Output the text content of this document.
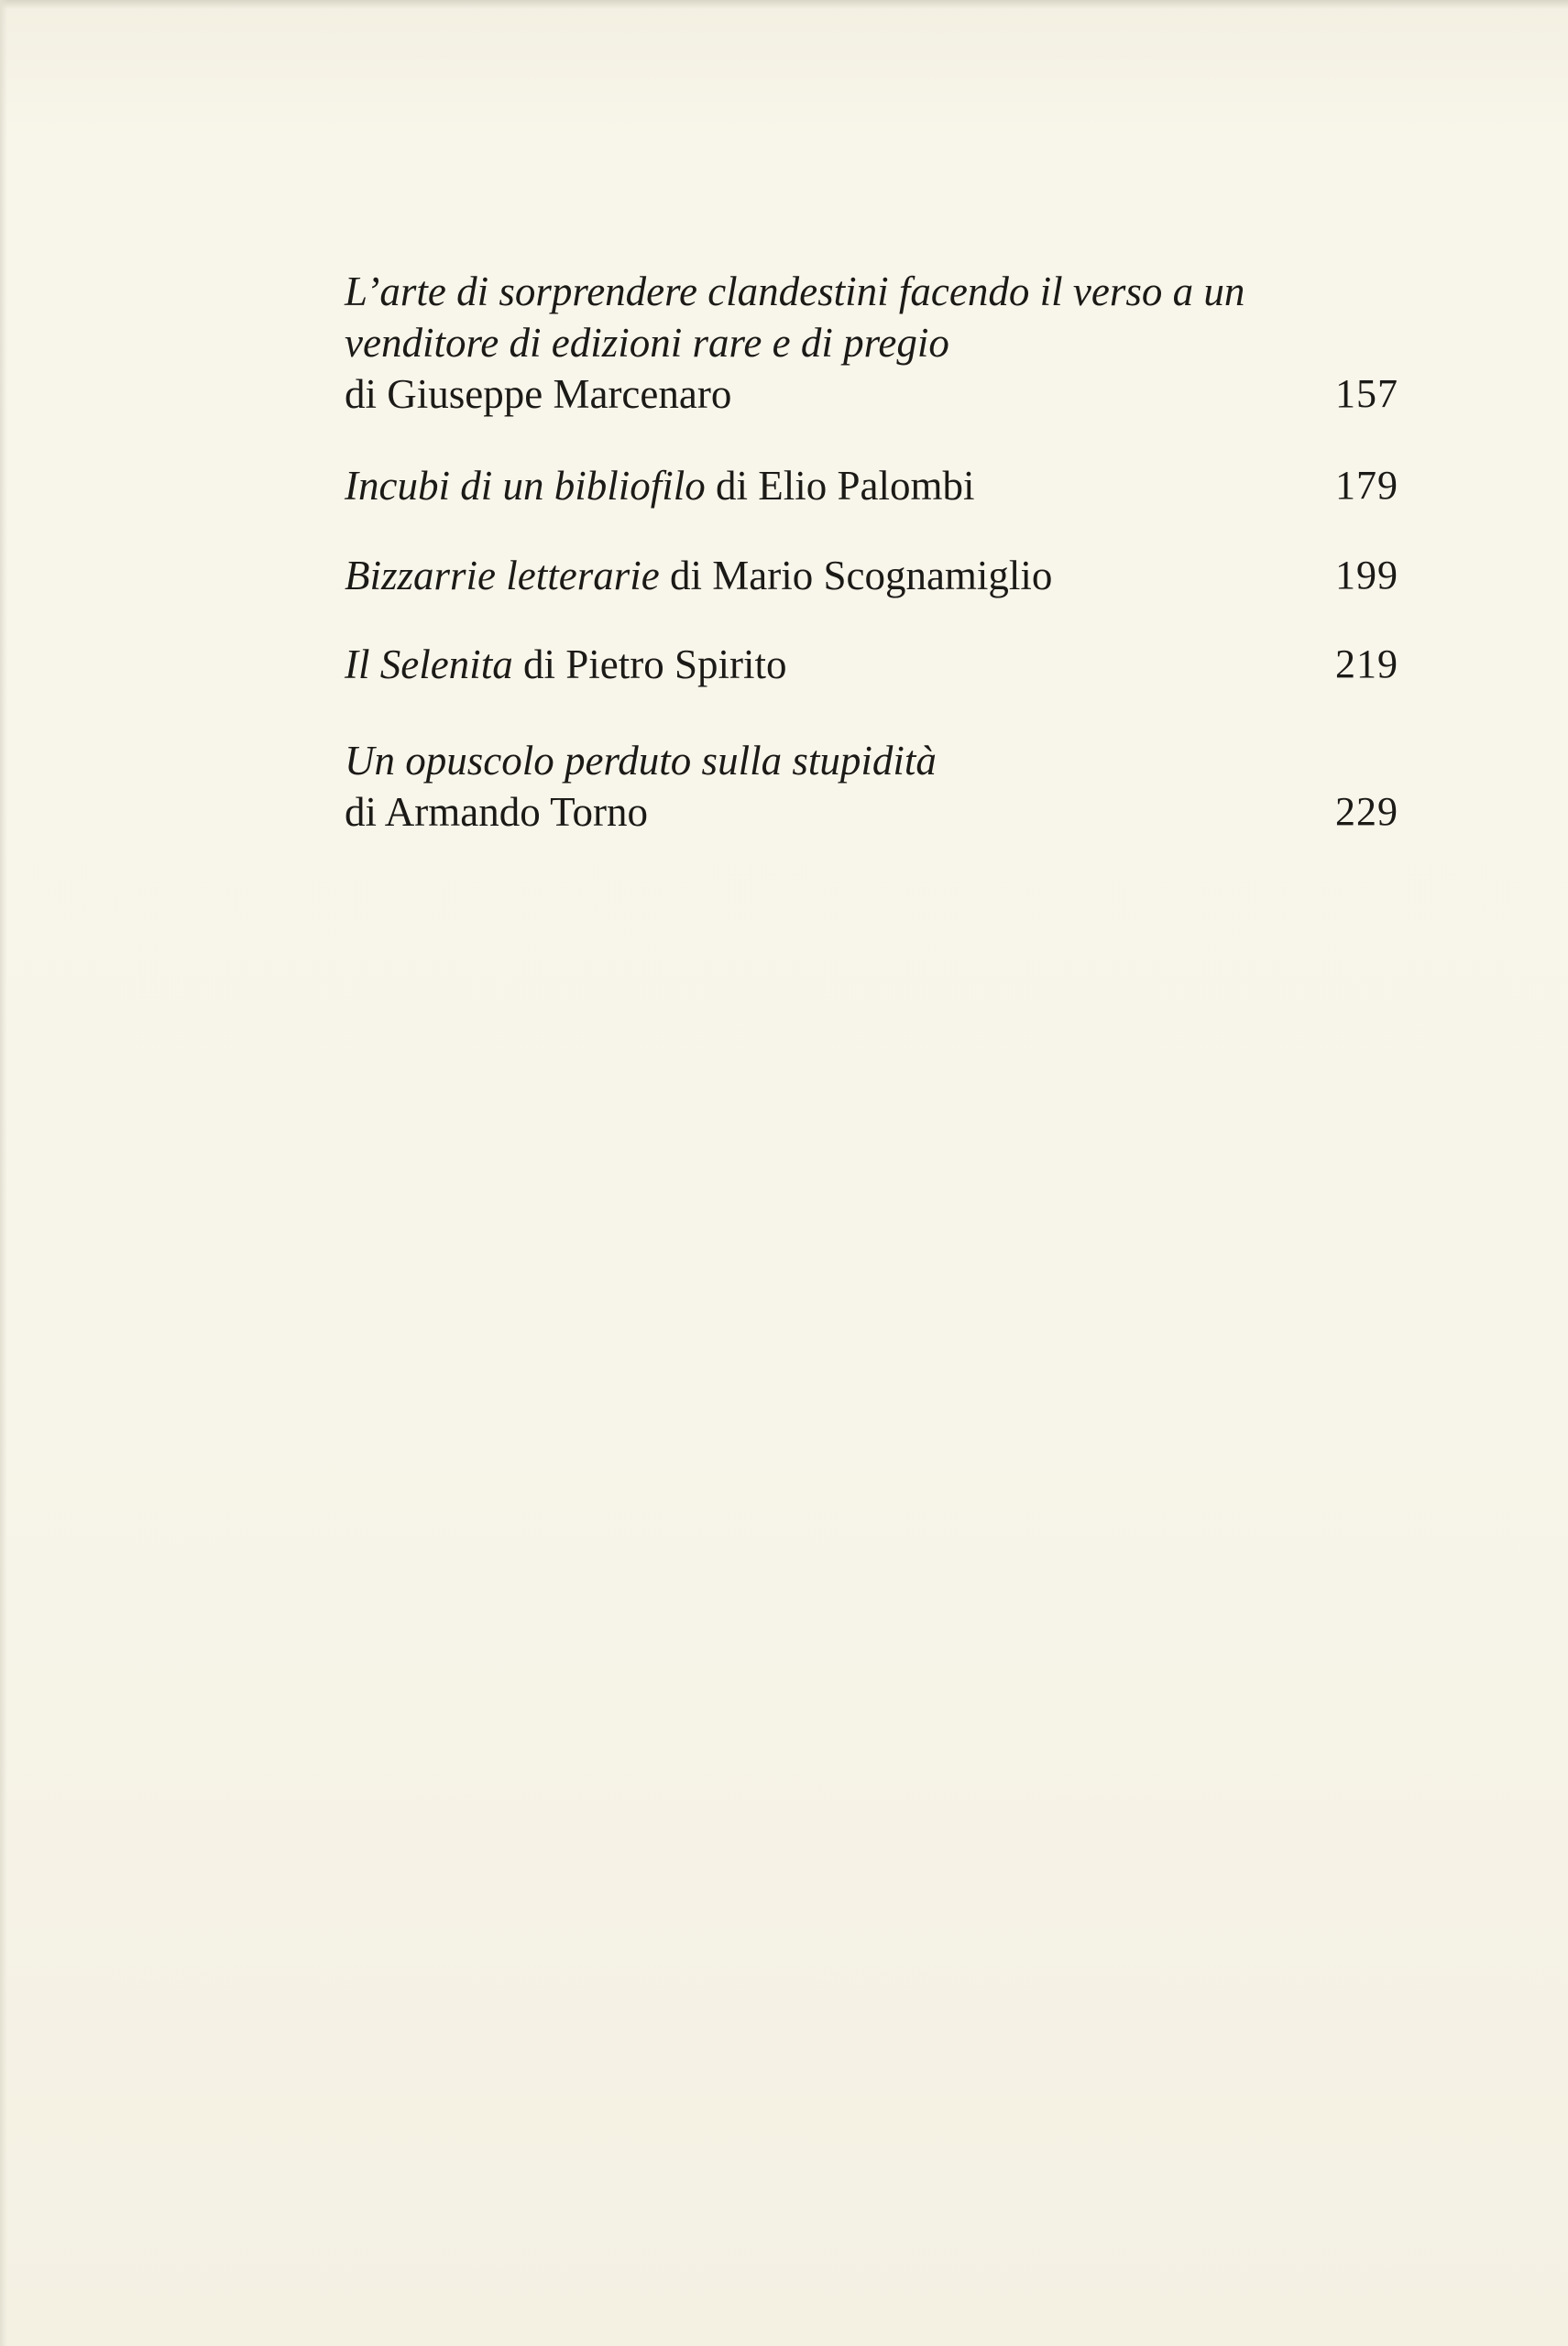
L’arte di sorprendere clandestini facendo il verso a un
venditore di edizioni rare e di pregio
di Giuseppe Marcenaro	157
Incubi di un bibliofilo di Elio Palombi	179
Bizzarrie letterarie di Mario Scognamiglio	199
Il Selenita di Pietro Spirito	219
Un opuscolo perduto sulla stupidità
di Armando Torno	229
